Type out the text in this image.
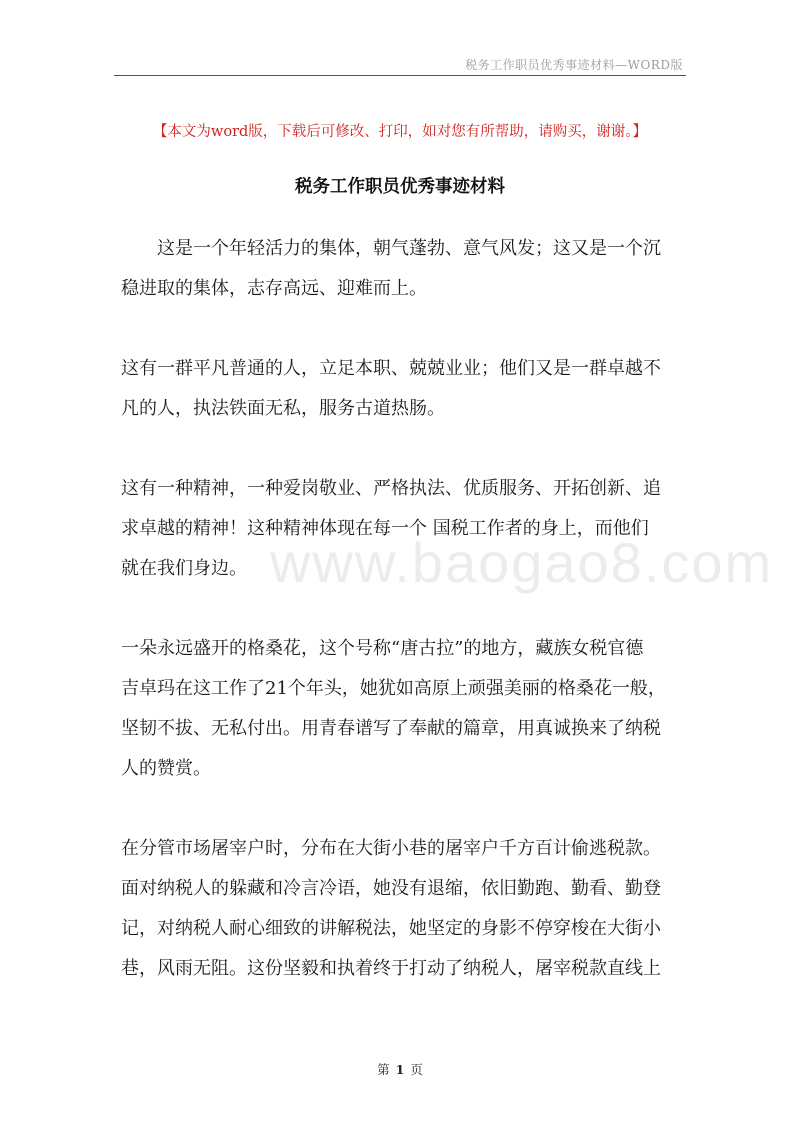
税务工作职员优秀事迹材料—WORD版
www.baogao8.com
【本文为word版，下载后可修改、打印，如对您有所帮助，请购买，谢谢。】
税务工作职员优秀事迹材料

这是一个年轻活力的集体，朝气蓬勃、意气风发；这又是一个沉
稳进取的集体，志存高远、迎难而上。

这有一群平凡普通的人，立足本职、兢兢业业；他们又是一群卓越不
凡的人，执法铁面无私，服务古道热肠。

这有一种精神，一种爱岗敬业、严格执法、优质服务、开拓创新、追
求卓越的精神！这种精神体现在每一个 国税工作者的身上，而他们
就在我们身边。

一朵永远盛开的格桑花，这个号称“唐古拉”的地方，藏族女税官德
吉卓玛在这工作了21个年头，她犹如高原上顽强美丽的格桑花一般，
坚韧不拔、无私付出。用青春谱写了奉献的篇章，用真诚换来了纳税
人的赞赏。

在分管市场屠宰户时，分布在大街小巷的屠宰户千方百计偷逃税款。
面对纳税人的躲藏和冷言冷语，她没有退缩，依旧勤跑、勤看、勤登
记，对纳税人耐心细致的讲解税法，她坚定的身影不停穿梭在大街小
巷，风雨无阻。这份坚毅和执着终于打动了纳税人，屠宰税款直线上

第 1 页
